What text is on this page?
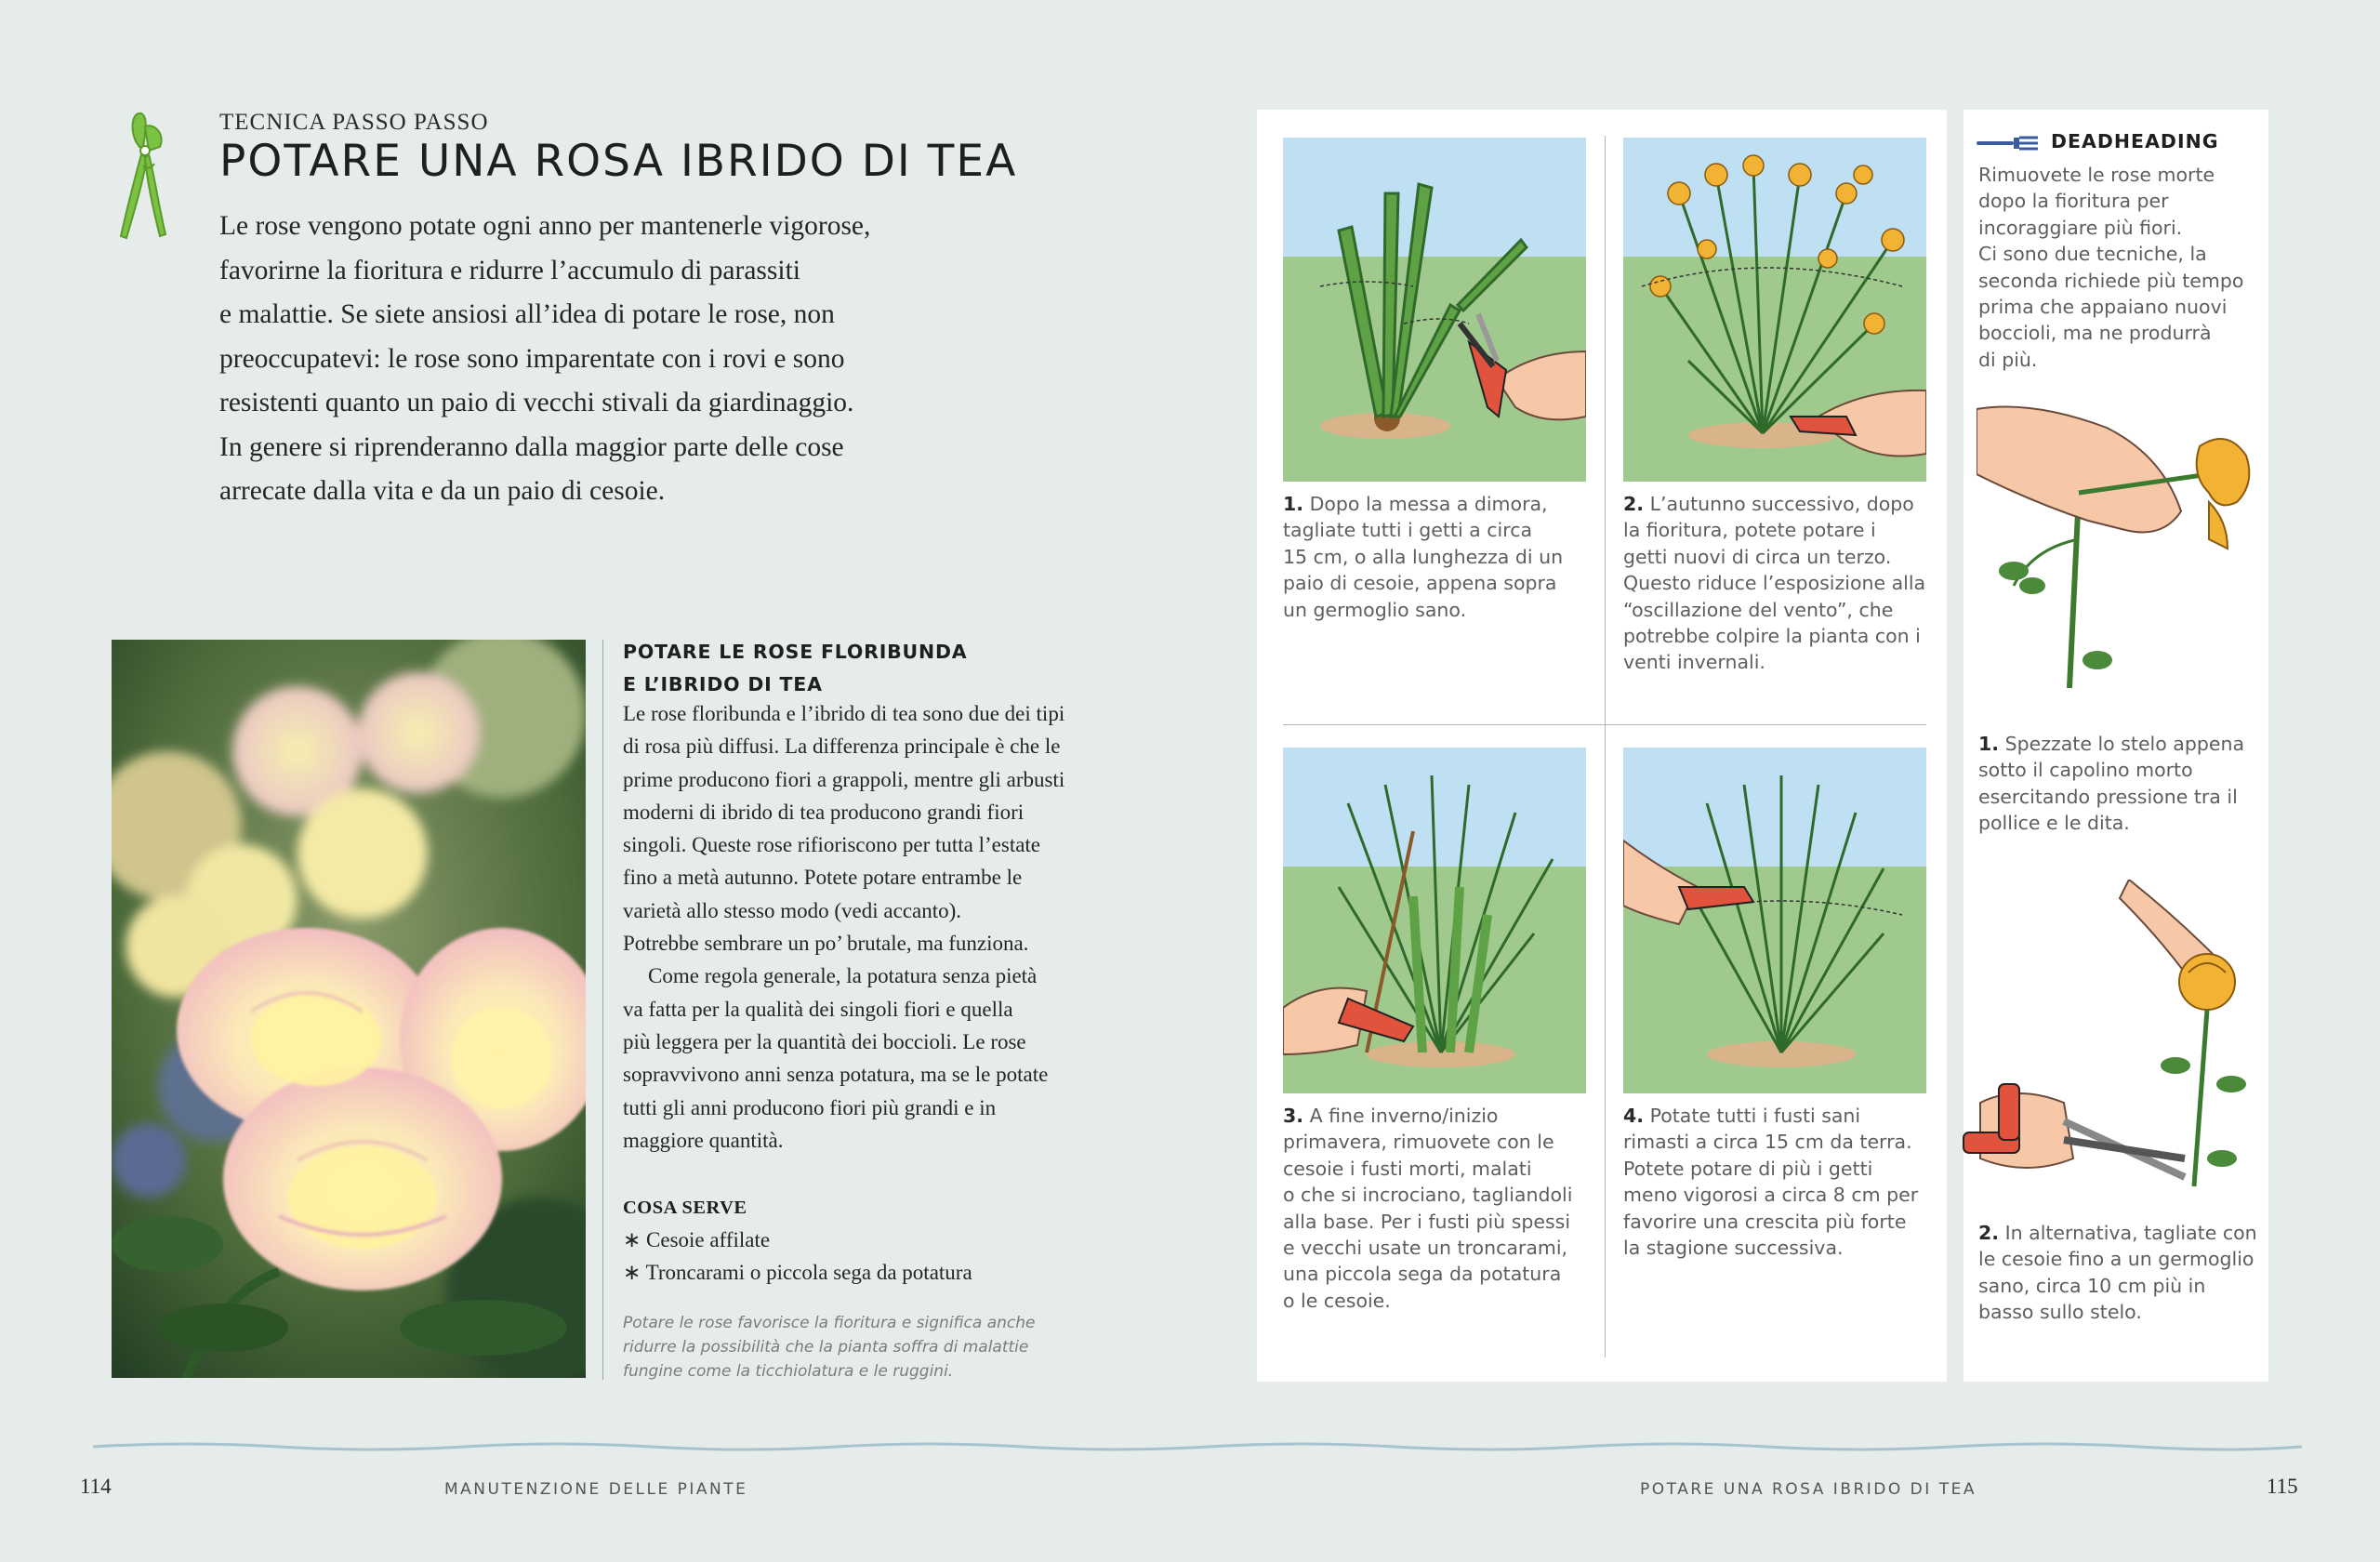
TECNICA PASSO PASSO
POTARE UNA ROSA IBRIDO DI TEA
Le rose vengono potate ogni anno per mantenerle vigorose,
favorirne la fioritura e ridurre l’accumulo di parassiti
e malattie. Se siete ansiosi all’idea di potare le rose, non
preoccupatevi: le rose sono imparentate con i rovi e sono
resistenti quanto un paio di vecchi stivali da giardinaggio.
In genere si riprenderanno dalla maggior parte delle cose
arrecate dalla vita e da un paio di cesoie.
POTARE LE ROSE FLORIBUNDA
E L’IBRIDO DI TEA
Le rose floribunda e l’ibrido di tea sono due dei tipi
di rosa più diffusi. La differenza principale è che le
prime producono fiori a grappoli, mentre gli arbusti
moderni di ibrido di tea producono grandi fiori
singoli. Queste rose rifioriscono per tutta l’estate
fino a metà autunno. Potete potare entrambe le
varietà allo stesso modo (vedi accanto).
Potrebbe sembrare un po’ brutale, ma funziona.
Come regola generale, la potatura senza pietà
va fatta per la qualità dei singoli fiori e quella
più leggera per la quantità dei boccioli. Le rose
sopravvivono anni senza potatura, ma se le potate
tutti gli anni producono fiori più grandi e in
maggiore quantità.
COSA SERVE
∗ Cesoie affilate
∗ Troncarami o piccola sega da potatura
Potare le rose favorisce la fioritura e significa anche
ridurre la possibilità che la pianta soffra di malattie
fungine come la ticchiolatura e le ruggini.
1. Dopo la messa a dimora,
tagliate tutti i getti a circa
15 cm, o alla lunghezza di un
paio di cesoie, appena sopra
un germoglio sano.
2. L’autunno successivo, dopo
la fioritura, potete potare i
getti nuovi di circa un terzo.
Questo riduce l’esposizione alla
“oscillazione del vento”, che
potrebbe colpire la pianta con i
venti invernali.
3. A fine inverno/inizio
primavera, rimuovete con le
cesoie i fusti morti, malati
o che si incrociano, tagliandoli
alla base. Per i fusti più spessi
e vecchi usate un troncarami,
una piccola sega da potatura
o le cesoie.
4. Potate tutti i fusti sani
rimasti a circa 15 cm da terra.
Potete potare di più i getti
meno vigorosi a circa 8 cm per
favorire una crescita più forte
la stagione successiva.
DEADHEADING
Rimuovete le rose morte
dopo la fioritura per
incoraggiare più fiori.
Ci sono due tecniche, la
seconda richiede più tempo
prima che appaiano nuovi
boccioli, ma ne produrrà
di più.
1. Spezzate lo stelo appena
sotto il capolino morto
esercitando pressione tra il
pollice e le dita.
2. In alternativa, tagliate con
le cesoie fino a un germoglio
sano, circa 10 cm più in
basso sullo stelo.
114	MANUTENZIONE DELLE PIANTE	POTARE UNA ROSA IBRIDO DI TEA	115
